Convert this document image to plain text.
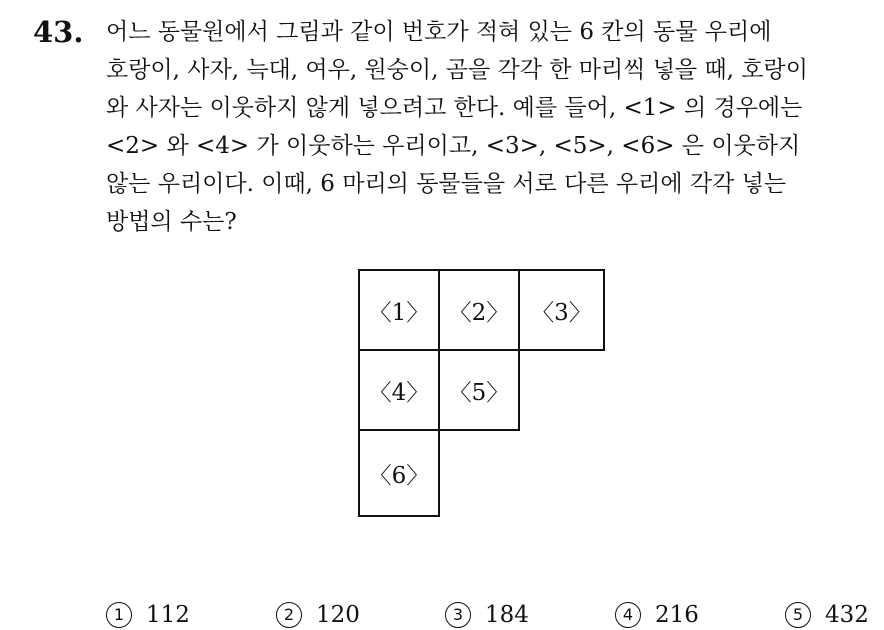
43. 어느 동물원에서 그림과 같이 번호가 적혀 있는 6 칸의 동물 우리에
호랑이, 사자, 늑대, 여우, 원숭이, 곰을 각각 한 마리씩 넣을 때, 호랑이
와 사자는 이웃하지 않게 넣으려고 한다. 예를 들어, <1> 의 경우에는
<2> 와 <4> 가 이웃하는 우리이고, <3>, <5>, <6> 은 이웃하지
않는 우리이다. 이때, 6 마리의 동물들을 서로 다른 우리에 각각 넣는
방법의 수는?
〈1〉 〈2〉 〈3〉
〈4〉 〈5〉
〈6〉
1 112	2 120	3 184	4 216	5 432
